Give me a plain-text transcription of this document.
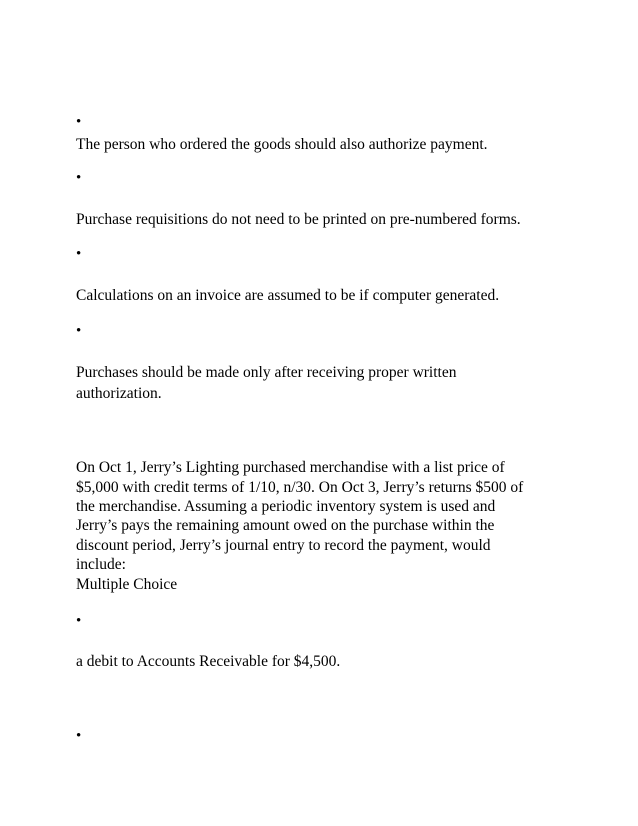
•
The person who ordered the goods should also authorize payment.
•
Purchase requisitions do not need to be printed on pre-numbered forms.
•
Calculations on an invoice are assumed to be if computer generated.
•
Purchases should be made only after receiving proper written
authorization.
On Oct 1, Jerry’s Lighting purchased merchandise with a list price of
$5,000 with credit terms of 1/10, n/30. On Oct 3, Jerry’s returns $500 of
the merchandise. Assuming a periodic inventory system is used and
Jerry’s pays the remaining amount owed on the purchase within the
discount period, Jerry’s journal entry to record the payment, would
include:
Multiple Choice
•
a debit to Accounts Receivable for $4,500.
•
